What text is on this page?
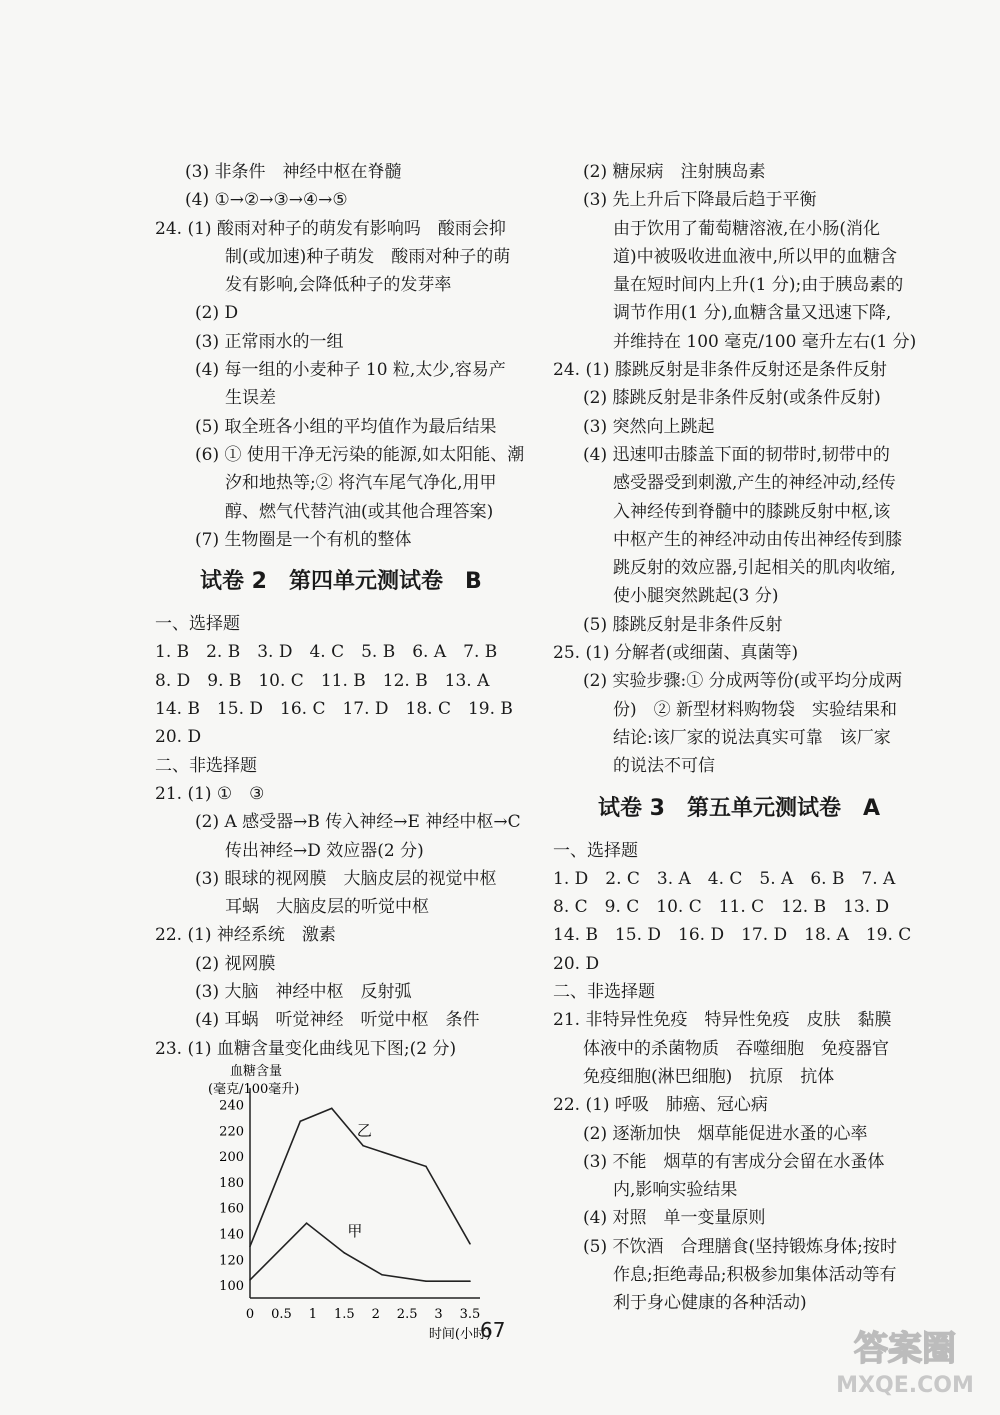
(3) 非条件　神经中枢在脊髓
(4) ①→②→③→④→⑤
24. (1) 酸雨对种子的萌发有影响吗　酸雨会抑
制(或加速)种子萌发　酸雨对种子的萌
发有影响,会降低种子的发芽率
(2) D
(3) 正常雨水的一组
(4) 每一组的小麦种子 10 粒,太少,容易产
生误差
(5) 取全班各小组的平均值作为最后结果
(6) ① 使用干净无污染的能源,如太阳能、潮
汐和地热等;② 将汽车尾气净化,用甲
醇、燃气代替汽油(或其他合理答案)
(7) 生物圈是一个有机的整体
试卷 2　第四单元测试卷　B
一、选择题
1. B　2. B　3. D　4. C　5. B　6. A　7. B
8. D　9. B　10. C　11. B　12. B　13. A
14. B　15. D　16. C　17. D　18. C　19. B
20. D
二、非选择题
21. (1) ①　③
(2) A 感受器→B 传入神经→E 神经中枢→C
传出神经→D 效应器(2 分)
(3) 眼球的视网膜　大脑皮层的视觉中枢
耳蜗　大脑皮层的听觉中枢
22. (1) 神经系统　激素
(2) 视网膜
(3) 大脑　神经中枢　反射弧
(4) 耳蜗　听觉神经　听觉中枢　条件
23. (1) 血糖含量变化曲线见下图;(2 分)
血糖含量
(毫克/100毫升)
100
120
140
160
180
200
220
240
0 0.5 1 1.5 2 2.5 3 3.5
时间(小时)
乙
甲
(2) 糖尿病　注射胰岛素
(3) 先上升后下降最后趋于平衡
由于饮用了葡萄糖溶液,在小肠(消化
道)中被吸收进血液中,所以甲的血糖含
量在短时间内上升(1 分);由于胰岛素的
调节作用(1 分),血糖含量又迅速下降,
并维持在 100 毫克/100 毫升左右(1 分)
24. (1) 膝跳反射是非条件反射还是条件反射
(2) 膝跳反射是非条件反射(或条件反射)
(3) 突然向上跳起
(4) 迅速叩击膝盖下面的韧带时,韧带中的
感受器受到刺激,产生的神经冲动,经传
入神经传到脊髓中的膝跳反射中枢,该
中枢产生的神经冲动由传出神经传到膝
跳反射的效应器,引起相关的肌肉收缩,
使小腿突然跳起(3 分)
(5) 膝跳反射是非条件反射
25. (1) 分解者(或细菌、真菌等)
(2) 实验步骤:① 分成两等份(或平均分成两
份)　② 新型材料购物袋　实验结果和
结论:该厂家的说法真实可靠　该厂家
的说法不可信
试卷 3　第五单元测试卷　A
一、选择题
1. D　2. C　3. A　4. C　5. A　6. B　7. A
8. C　9. C　10. C　11. C　12. B　13. D
14. B　15. D　16. D　17. D　18. A　19. C
20. D
二、非选择题
21. 非特异性免疫　特异性免疫　皮肤　黏膜
体液中的杀菌物质　吞噬细胞　免疫器官
免疫细胞(淋巴细胞)　抗原　抗体
22. (1) 呼吸　肺癌、冠心病
(2) 逐渐加快　烟草能促进水蚤的心率
(3) 不能　烟草的有害成分会留在水蚤体
内,影响实验结果
(4) 对照　单一变量原则
(5) 不饮酒　合理膳食(坚持锻炼身体;按时
作息;拒绝毒品;积极参加集体活动等有
利于身心健康的各种活动)
67	答案圈
MXQE.COM
